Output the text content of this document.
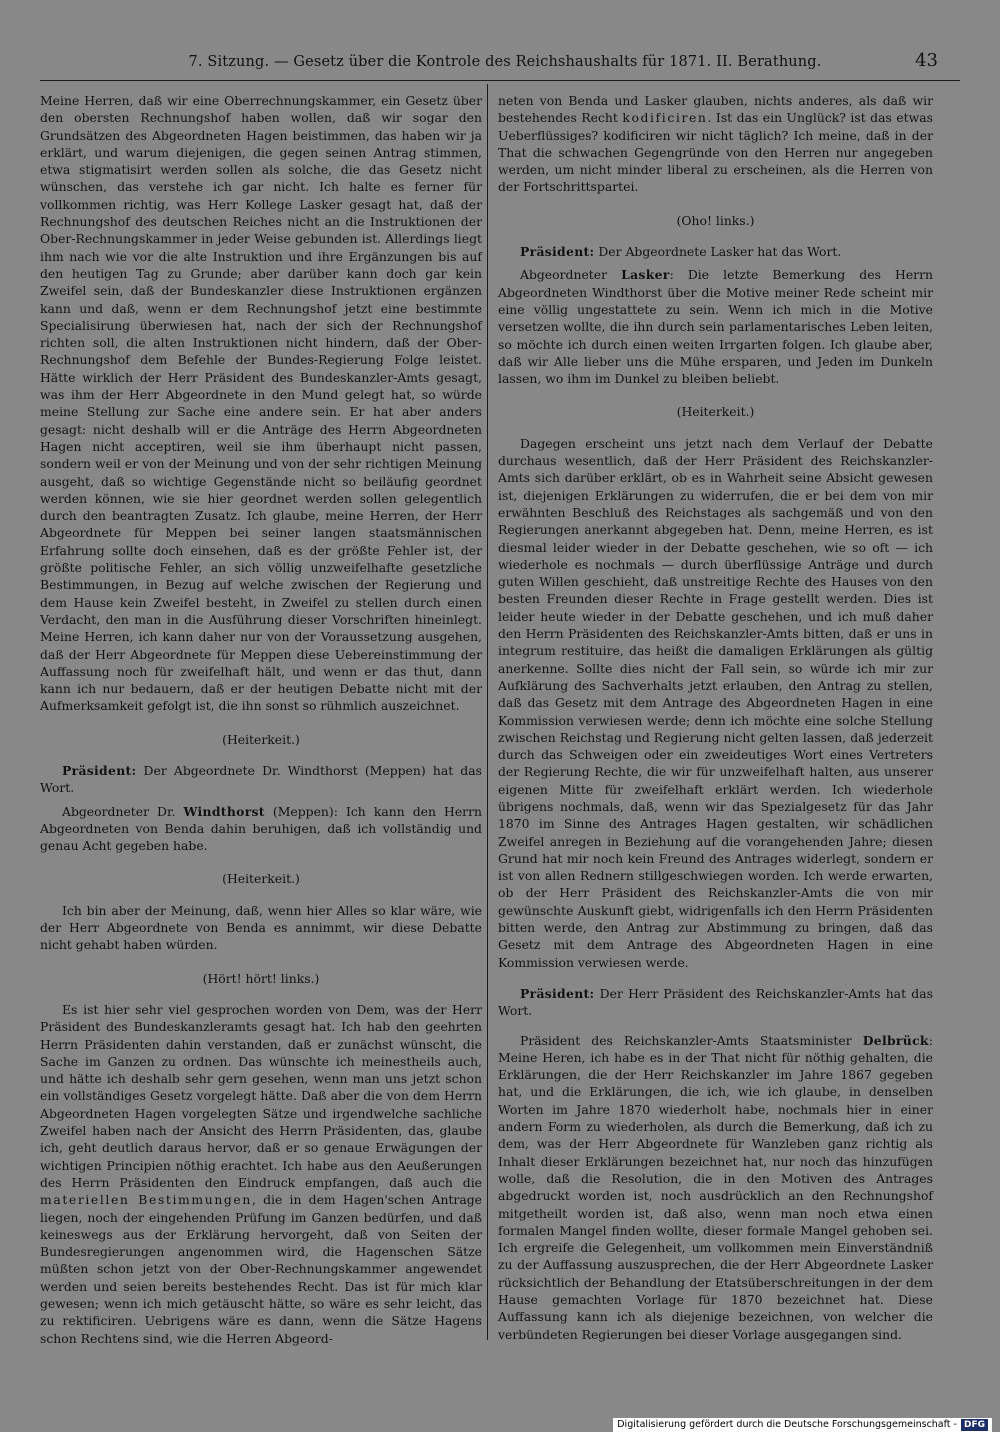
7. Sitzung. — Gesetz über die Kontrole des Reichshaushalts für 1871. II. Berathung.	43

Meine Herren, daß wir eine Oberrechnungskammer, ein Gesetz über den obersten Rechnungshof haben wollen, daß wir sogar den Grundsätzen des Abgeordneten Hagen beistimmen, das haben wir ja erklärt, und warum diejenigen, die gegen seinen Antrag stimmen, etwa stigmatisirt werden sollen als solche, die das Gesetz nicht wünschen, das verstehe ich gar nicht. Ich halte es ferner für vollkommen richtig, was Herr Kollege Lasker gesagt hat, daß der Rechnungshof des deutschen Reiches nicht an die Instruktionen der Ober-Rechnungskammer in jeder Weise gebunden ist. Allerdings liegt ihm nach wie vor die alte Instruktion und ihre Ergänzungen bis auf den heutigen Tag zu Grunde; aber darüber kann doch gar kein Zweifel sein, daß der Bundeskanzler diese Instruktionen ergänzen kann und daß, wenn er dem Rechnungshof jetzt eine bestimmte Specialisirung überwiesen hat, nach der sich der Rechnungshof richten soll, die alten Instruktionen nicht hindern, daß der Ober-Rechnungshof dem Befehle der Bundes-Regierung Folge leistet. Hätte wirklich der Herr Präsident des Bundeskanzler-Amts gesagt, was ihm der Herr Abgeordnete in den Mund gelegt hat, so würde meine Stellung zur Sache eine andere sein. Er hat aber anders gesagt: nicht deshalb will er die Anträge des Herrn Abgeordneten Hagen nicht acceptiren, weil sie ihm überhaupt nicht passen, sondern weil er von der Meinung und von der sehr richtigen Meinung ausgeht, daß so wichtige Gegenstände nicht so beiläufig geordnet werden können, wie sie hier geordnet werden sollen gelegentlich durch den beantragten Zusatz. Ich glaube, meine Herren, der Herr Abgeordnete für Meppen bei seiner langen staatsmännischen Erfahrung sollte doch einsehen, daß es der größte Fehler ist, der größte politische Fehler, an sich völlig unzweifelhafte gesetzliche Bestimmungen, in Bezug auf welche zwischen der Regierung und dem Hause kein Zweifel besteht, in Zweifel zu stellen durch einen Verdacht, den man in die Ausführung dieser Vorschriften hineinlegt. Meine Herren, ich kann daher nur von der Voraussetzung ausgehen, daß der Herr Abgeordnete für Meppen diese Uebereinstimmung der Auffassung noch für zweifelhaft hält, und wenn er das thut, dann kann ich nur bedauern, daß er der heutigen Debatte nicht mit der Aufmerksamkeit gefolgt ist, die ihn sonst so rühmlich auszeichnet.

(Heiterkeit.)

Präsident: Der Abgeordnete Dr. Windthorst (Meppen) hat das Wort.

Abgeordneter Dr. Windthorst (Meppen): Ich kann den Herrn Abgeordneten von Benda dahin beruhigen, daß ich vollständig und genau Acht gegeben habe.

(Heiterkeit.)

Ich bin aber der Meinung, daß, wenn hier Alles so klar wäre, wie der Herr Abgeordnete von Benda es annimmt, wir diese Debatte nicht gehabt haben würden.

(Hört! hört! links.)

Es ist hier sehr viel gesprochen worden von Dem, was der Herr Präsident des Bundeskanzleramts gesagt hat. Ich hab den geehrten Herrn Präsidenten dahin verstanden, daß er zunächst wünscht, die Sache im Ganzen zu ordnen. Das wünschte ich meinestheils auch, und hätte ich deshalb sehr gern gesehen, wenn man uns jetzt schon ein vollständiges Gesetz vorgelegt hätte. Daß aber die von dem Herrn Abgeordneten Hagen vorgelegten Sätze und irgendwelche sachliche Zweifel haben nach der Ansicht des Herrn Präsidenten, das, glaube ich, geht deutlich daraus hervor, daß er so genaue Erwägungen der wichtigen Principien nöthig erachtet. Ich habe aus den Aeußerungen des Herrn Präsidenten den Eindruck empfangen, daß auch die materiellen Bestimmungen, die in dem Hagen'schen Antrage liegen, noch der eingehenden Prüfung im Ganzen bedürfen, und daß keineswegs aus der Erklärung hervorgeht, daß von Seiten der Bundesregierungen angenommen wird, die Hagenschen Sätze müßten schon jetzt von der Ober-Rechnungskammer angewendet werden und seien bereits bestehendes Recht. Das ist für mich klar gewesen; wenn ich mich getäuscht hätte, so wäre es sehr leicht, das zu rektificiren. Uebrigens wäre es dann, wenn die Sätze Hagens schon Rechtens sind, wie die Herren Abgeord-

neten von Benda und Lasker glauben, nichts anderes, als daß wir bestehendes Recht kodificiren. Ist das ein Unglück? ist das etwas Ueberflüssiges? kodificiren wir nicht täglich? Ich meine, daß in der That die schwachen Gegengründe von den Herren nur angegeben werden, um nicht minder liberal zu erscheinen, als die Herren von der Fortschrittspartei.

(Oho! links.)

Präsident: Der Abgeordnete Lasker hat das Wort.

Abgeordneter Lasker: Die letzte Bemerkung des Herrn Abgeordneten Windthorst über die Motive meiner Rede scheint mir eine völlig ungestattete zu sein. Wenn ich mich in die Motive versetzen wollte, die ihn durch sein parlamentarisches Leben leiten, so möchte ich durch einen weiten Irrgarten folgen. Ich glaube aber, daß wir Alle lieber uns die Mühe ersparen, und Jeden im Dunkeln lassen, wo ihm im Dunkel zu bleiben beliebt.

(Heiterkeit.)

Dagegen erscheint uns jetzt nach dem Verlauf der Debatte durchaus wesentlich, daß der Herr Präsident des Reichskanzler-Amts sich darüber erklärt, ob es in Wahrheit seine Absicht gewesen ist, diejenigen Erklärungen zu widerrufen, die er bei dem von mir erwähnten Beschluß des Reichstages als sachgemäß und von den Regierungen anerkannt abgegeben hat. Denn, meine Herren, es ist diesmal leider wieder in der Debatte geschehen, wie so oft — ich wiederhole es nochmals — durch überflüssige Anträge und durch guten Willen geschieht, daß unstreitige Rechte des Hauses von den besten Freunden dieser Rechte in Frage gestellt werden. Dies ist leider heute wieder in der Debatte geschehen, und ich muß daher den Herrn Präsidenten des Reichskanzler-Amts bitten, daß er uns in integrum restituire, das heißt die damaligen Erklärungen als gültig anerkenne. Sollte dies nicht der Fall sein, so würde ich mir zur Aufklärung des Sachverhalts jetzt erlauben, den Antrag zu stellen, daß das Gesetz mit dem Antrage des Abgeordneten Hagen in eine Kommission verwiesen werde; denn ich möchte eine solche Stellung zwischen Reichstag und Regierung nicht gelten lassen, daß jederzeit durch das Schweigen oder ein zweideutiges Wort eines Vertreters der Regierung Rechte, die wir für unzweifelhaft halten, aus unserer eigenen Mitte für zweifelhaft erklärt werden. Ich wiederhole übrigens nochmals, daß, wenn wir das Spezialgesetz für das Jahr 1870 im Sinne des Antrages Hagen gestalten, wir schädlichen Zweifel anregen in Beziehung auf die vorangehenden Jahre; diesen Grund hat mir noch kein Freund des Antrages widerlegt, sondern er ist von allen Rednern stillgeschwiegen worden. Ich werde erwarten, ob der Herr Präsident des Reichskanzler-Amts die von mir gewünschte Auskunft giebt, widrigenfalls ich den Herrn Präsidenten bitten werde, den Antrag zur Abstimmung zu bringen, daß das Gesetz mit dem Antrage des Abgeordneten Hagen in eine Kommission verwiesen werde.

Präsident: Der Herr Präsident des Reichskanzler-Amts hat das Wort.

Präsident des Reichskanzler-Amts Staatsminister Delbrück: Meine Heren, ich habe es in der That nicht für nöthig gehalten, die Erklärungen, die der Herr Reichskanzler im Jahre 1867 gegeben hat, und die Erklärungen, die ich, wie ich glaube, in denselben Worten im Jahre 1870 wiederholt habe, nochmals hier in einer andern Form zu wiederholen, als durch die Bemerkung, daß ich zu dem, was der Herr Abgeordnete für Wanzleben ganz richtig als Inhalt dieser Erklärungen bezeichnet hat, nur noch das hinzufügen wolle, daß die Resolution, die in den Motiven des Antrages abgedruckt worden ist, noch ausdrücklich an den Rechnungshof mitgetheilt worden ist, daß also, wenn man noch etwa einen formalen Mangel finden wollte, dieser formale Mangel gehoben sei. Ich ergreife die Gelegenheit, um vollkommen mein Einverständniß zu der Auffassung auszusprechen, die der Herr Abgeordnete Lasker rücksichtlich der Behandlung der Etatsüberschreitungen in der dem Hause gemachten Vorlage für 1870 bezeichnet hat. Diese Auffassung kann ich als diejenige bezeichnen, von welcher die verbündeten Regierungen bei dieser Vorlage ausgegangen sind.

Digitalisierung gefördert durch die Deutsche Forschungsgemeinschaft - DFG
